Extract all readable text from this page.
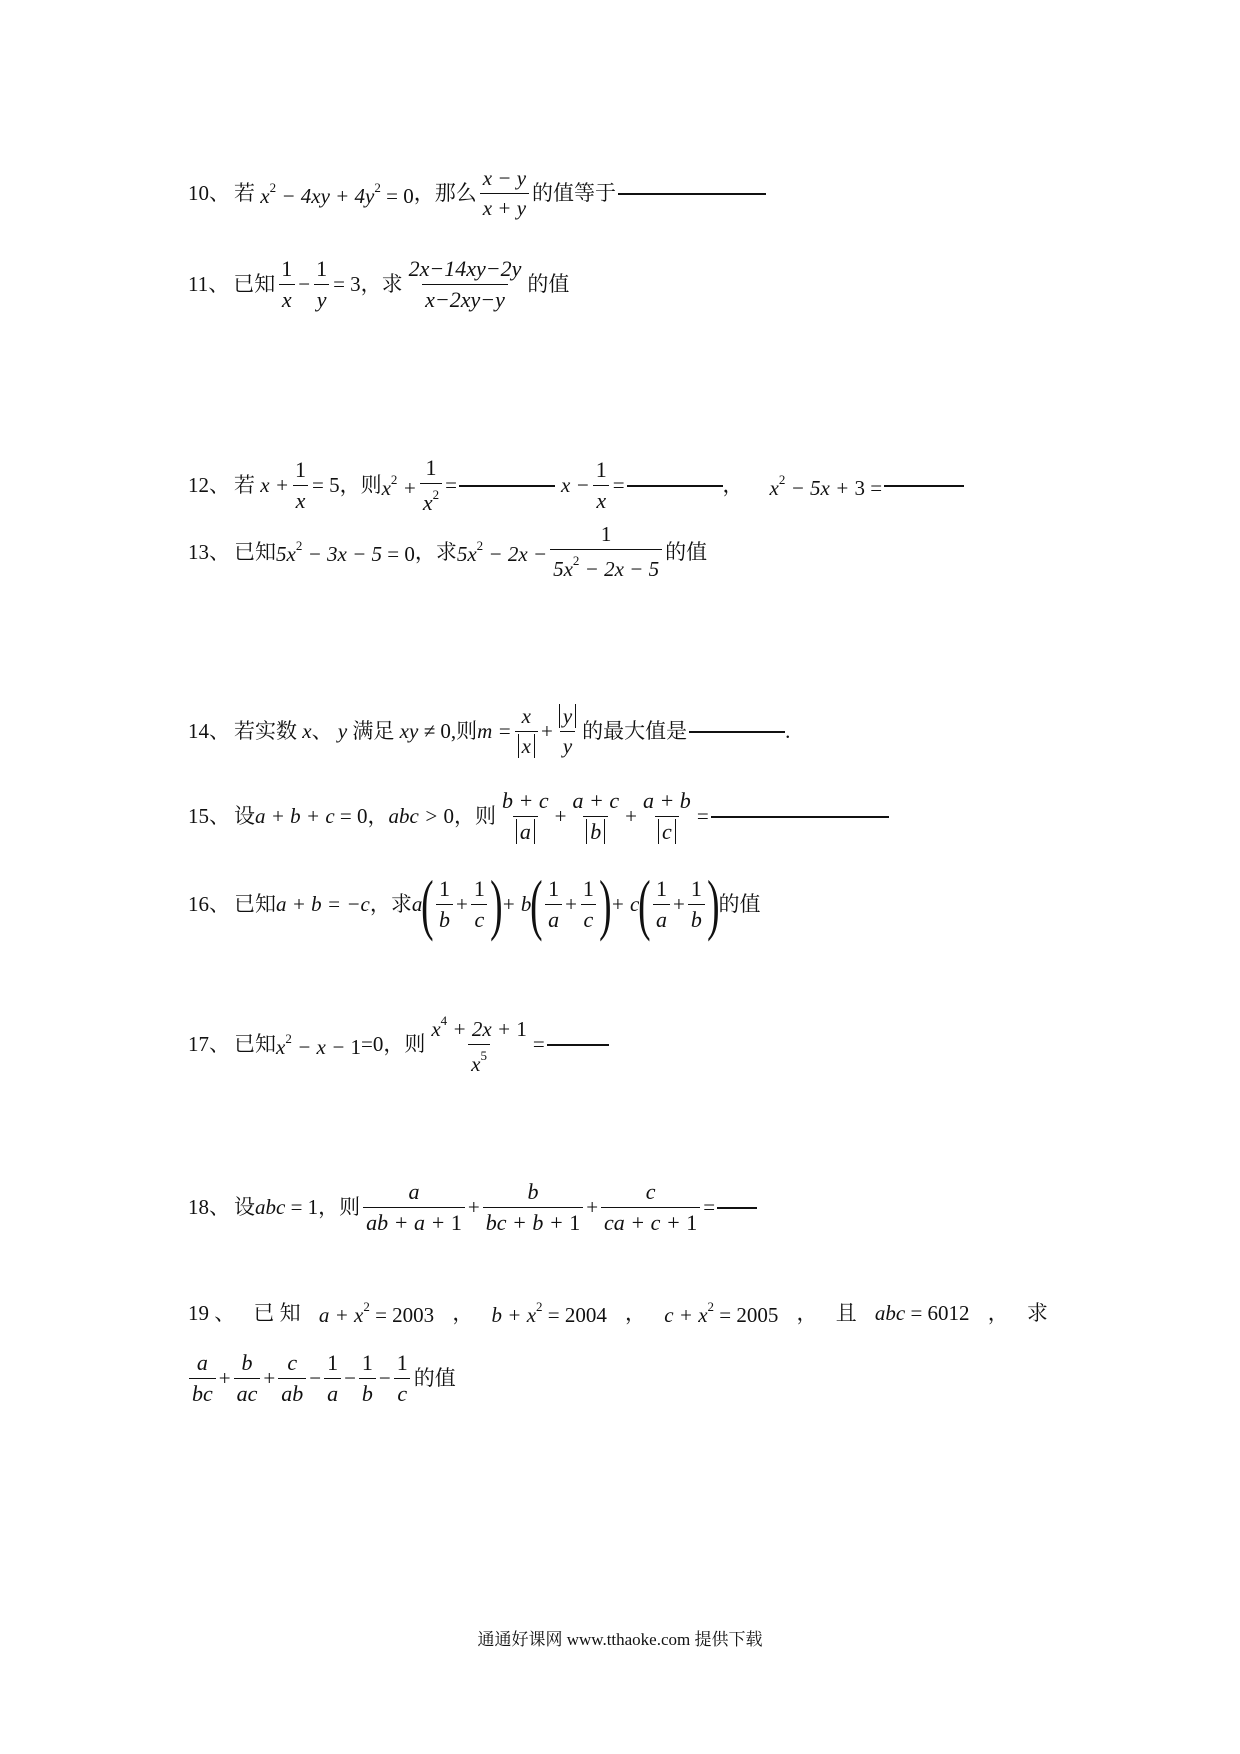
10、 若 $x^2 - 4xy + 4y^2 = 0$ ，那么 $\frac{x - y}{x + y}$ 的值等于
11、 已知 $\frac{1}{x} - \frac{1}{y} = 3$ ，求 $\frac{2x-14xy-2y}{x-2xy-y}$ 的值
12、 若 $x + \frac{1}{x} = 5$ ，则 $x^2 + \frac{1}{x^2}$ =	$x - \frac{1}{x}$ =	， $x^2 - 5x + 3$ =
13、 已知 $5x^2 - 3x - 5 = 0$ ，求 $5x^2 - 2x - \frac{1}{5x^2 - 2x - 5}$ 的值
14、 若实数 x 、 y 满足 xy ≠ 0, 则 $m = \frac{x}{x} + \frac{y}{y}$ 的最大值是	.
15、 设 a + b + c = 0 ， abc > 0 ，则 $\frac{b + c}{a} + \frac{a + c}{b} + \frac{a + b}{c}$ =
16、 已知 a + b = −c ，求 a ( $\frac{1}{b} + \frac{1}{c}$ ) + b ( $\frac{1}{a} + \frac{1}{c}$ ) + c ( $\frac{1}{a} + \frac{1}{b}$ ) 的值
17、 已知 $x^2 - x - 1 =0$，则 $\frac{x^4 + 2x + 1}{x^5}$ =
18、 设 abc = 1 ，则 $\frac{a}{ab + a + 1} + \frac{b}{bc + b + 1} + \frac{c}{ca + c + 1}$ =
19 、 已 知 $a + x^2 = 2003$ ， $b + x^2 = 2004$ ， $c + x^2 = 2005$ ， 且 abc = 6012 ， 求
$\frac{a}{bc} + \frac{b}{ac} + \frac{c}{ab} - \frac{1}{a} - \frac{1}{b} - \frac{1}{c}$ 的值
通通好课网 www.tthaoke.com 提供下载
